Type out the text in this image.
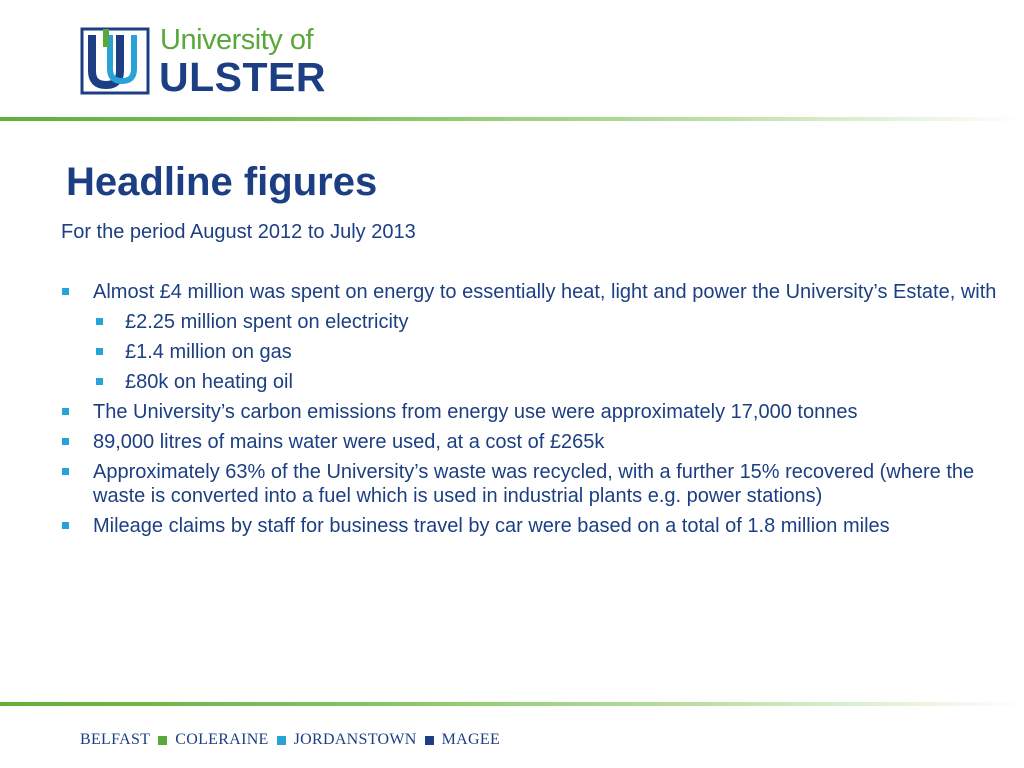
University of
ULSTER
Headline figures
For the period August 2012 to July 2013
Almost £4 million was spent on energy to essentially heat, light and power the University’s Estate, with
£2.25 million spent on electricity
£1.4 million on gas
£80k on heating oil
The University’s carbon emissions from energy use were approximately 17,000 tonnes
89,000 litres of mains water were used, at a cost of £265k
Approximately 63% of the University’s waste was recycled, with a further 15% recovered (where the waste is converted into a fuel which is used in industrial plants e.g. power stations)
Mileage claims by staff for business travel by car were based on a total of 1.8 million miles
BELFAST COLERAINE JORDANSTOWN MAGEE
